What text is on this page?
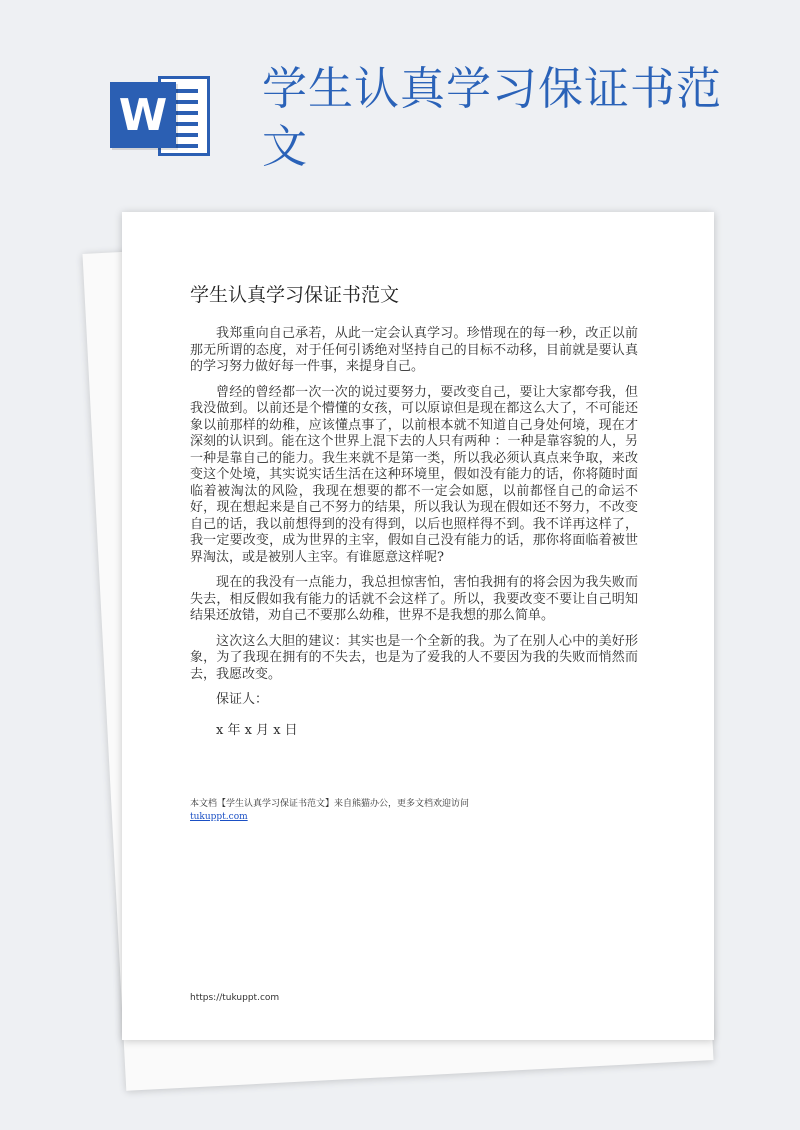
W 学生认真学习保证书范文
学生认真学习保证书范文

我郑重向自己承若，从此一定会认真学习。珍惜现在的每一秒，改正以前那无所谓的态度，对于任何引诱绝对坚持自己的目标不动移，目前就是要认真的学习努力做好每一件事，来提身自己。

曾经的曾经都一次一次的说过要努力，要改变自己，要让大家都夸我，但我没做到。以前还是个懵懂的女孩，可以原谅但是现在都这么大了，不可能还象以前那样的幼稚，应该懂点事了，以前根本就不知道自己身处何境，现在才深刻的认识到。能在这个世界上混下去的人只有两种 ：一种是靠容貌的人，另一种是靠自己的能力。我生来就不是第一类，所以我必须认真点来争取，来改变这个处境，其实说实话生活在这种环境里，假如没有能力的话，你将随时面临着被淘汰的风险，我现在想要的都不一定会如愿，以前都怪自己的命运不好，现在想起来是自己不努力的结果，所以我认为现在假如还不努力，不改变自己的话，我以前想得到的没有得到，以后也照样得不到。我不详再这样了，我一定要改变，成为世界的主宰，假如自己没有能力的话，那你将面临着被世界淘汰，或是被别人主宰。有谁愿意这样呢?

现在的我没有一点能力，我总担惊害怕，害怕我拥有的将会因为我失败而失去，相反假如我有能力的话就不会这样了。所以，我要改变不要让自己明知结果还放错，劝自己不要那么幼稚，世界不是我想的那么简单。

这次这么大胆的建议：其实也是一个全新的我。为了在别人心中的美好形象，为了我现在拥有的不失去，也是为了爱我的人不要因为我的失败而悄然而去，我愿改变。

保证人：

x 年 x 月 x 日

本文档【学生认真学习保证书范文】来自熊猫办公，更多文档欢迎访问
tukuppt.com
https://tukuppt.com
